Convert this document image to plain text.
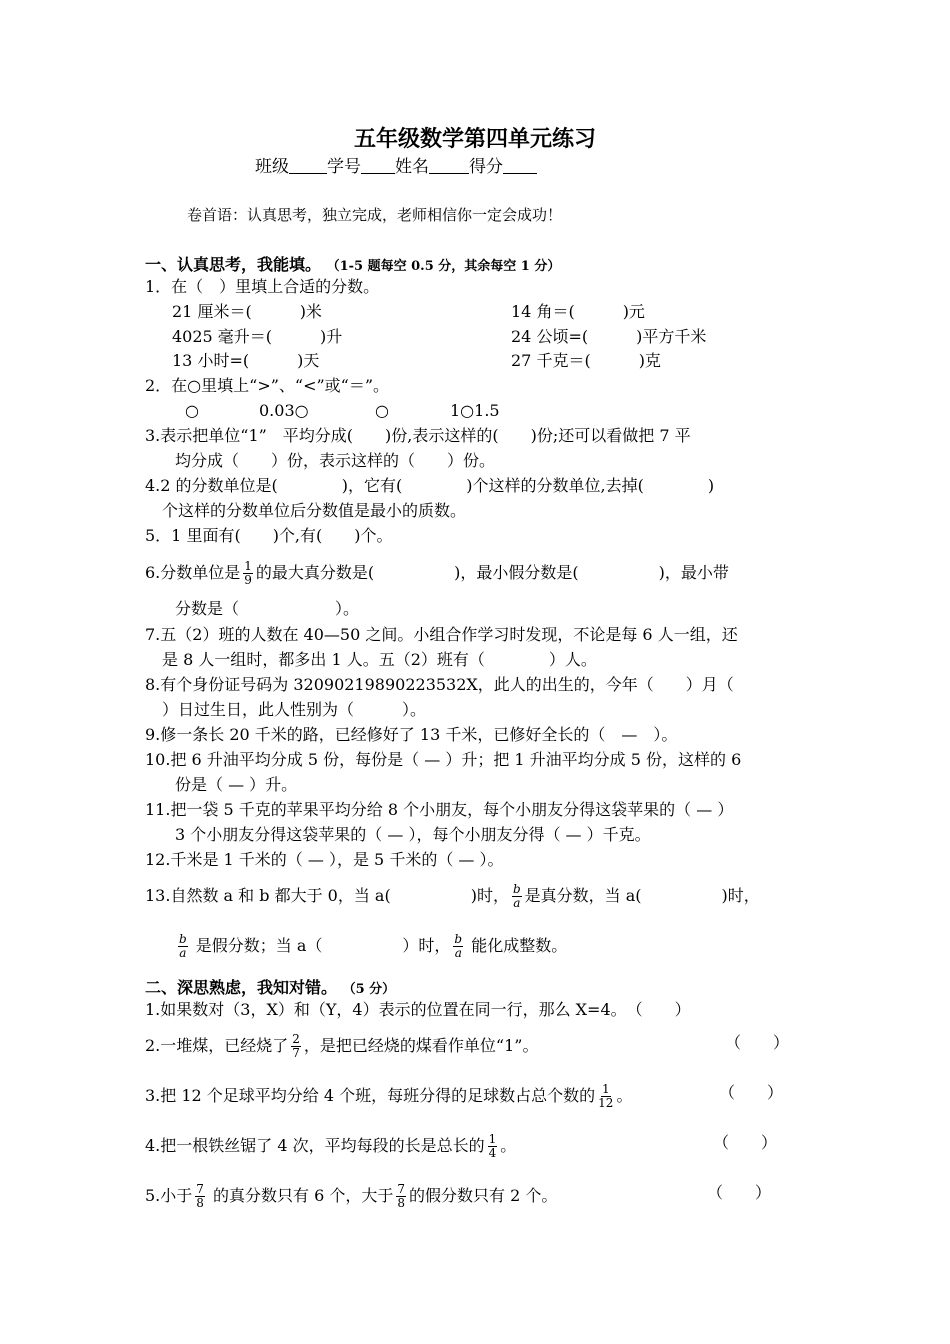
五年级数学第四单元练习
班级 学号 姓名 得分
卷首语：认真思考，独立完成，老师相信你一定会成功！
一、认真思考，我能填。 （1-5 题每空 0.5 分，其余每空 1 分）
1．在（　）里填上合适的分数。
21 厘米＝(　　　)米	14 角＝(　　　)元
4025 毫升＝(　　　)升	24 公顷=(　　　)平方千米
13 小时=(　　　)天	27 千克＝(　　　)克
2．在○里填上“>”、“<”或“＝”。
○	0.03○	○	1○1.5
3.表示把单位“1”　平均分成(　　)份,表示这样的(　　)份;还可以看做把 7 平
均分成（　　）份，表示这样的（　　）份。
4.2 的分数单位是(　　　　)，它有(　　　　)个这样的分数单位,去掉(　　　　)
个这样的分数单位后分数值是最小的质数。
5．1 里面有(　　)个,有(　　)个。
6.分数单位是 $\frac{1}{9}$ 的最大真分数是(　　　　　)，最小假分数是(　　　　　)，最小带
分数是（　　　　　　）。
7.五（2）班的人数在 40—50 之间。小组合作学习时发现，不论是每 6 人一组，还
是 8 人一组时，都多出 1 人。五（2）班有（　　　　）人。
8.有个身份证号码为 32090219890223532X，此人的出生的，今年（　　）月（
）日过生日，此人性别为（　　　）。
9.修一条长 20 千米的路，已经修好了 13 千米，已修好全长的（　—　）。
10.把 6 升油平均分成 5 份，每份是（ — ）升；把 1 升油平均分成 5 份，这样的 6
份是（ — ）升。
11.把一袋 5 千克的苹果平均分给 8 个小朋友，每个小朋友分得这袋苹果的（ — ）
3 个小朋友分得这袋苹果的（ — ），每个小朋友分得（ — ）千克。
12.千米是 1 千米的（ — ），是 5 千米的（ — ）。
13.自然数 a 和 b 都大于 0，当 a(　　　　　)时， $\frac{b}{a}$ 是真分数，当 a(　　　　　)时，
$\frac{b}{a}$ 是假分数；当 a（　　　　　）时， $\frac{b}{a}$ 能化成整数。
二、深思熟虑，我知对错。 （5 分）
1.如果数对（3，X）和（Y，4）表示的位置在同一行，那么 X=4。　（　　）
2.一堆煤，已经烧了 $\frac{2}{7}$ ，是把已经烧的煤看作单位“1”。	（　　）
3.把 12 个足球平均分给 4 个班，每班分得的足球数占总个数的 $\frac{1}{12}$ 。	（　　）
4.把一根铁丝锯了 4 次，平均每段的长是总长的 $\frac{1}{4}$ 。	（　　）
5.小于 $\frac{7}{8}$ 的真分数只有 6 个，大于 $\frac{7}{8}$ 的假分数只有 2 个。	（　　）
